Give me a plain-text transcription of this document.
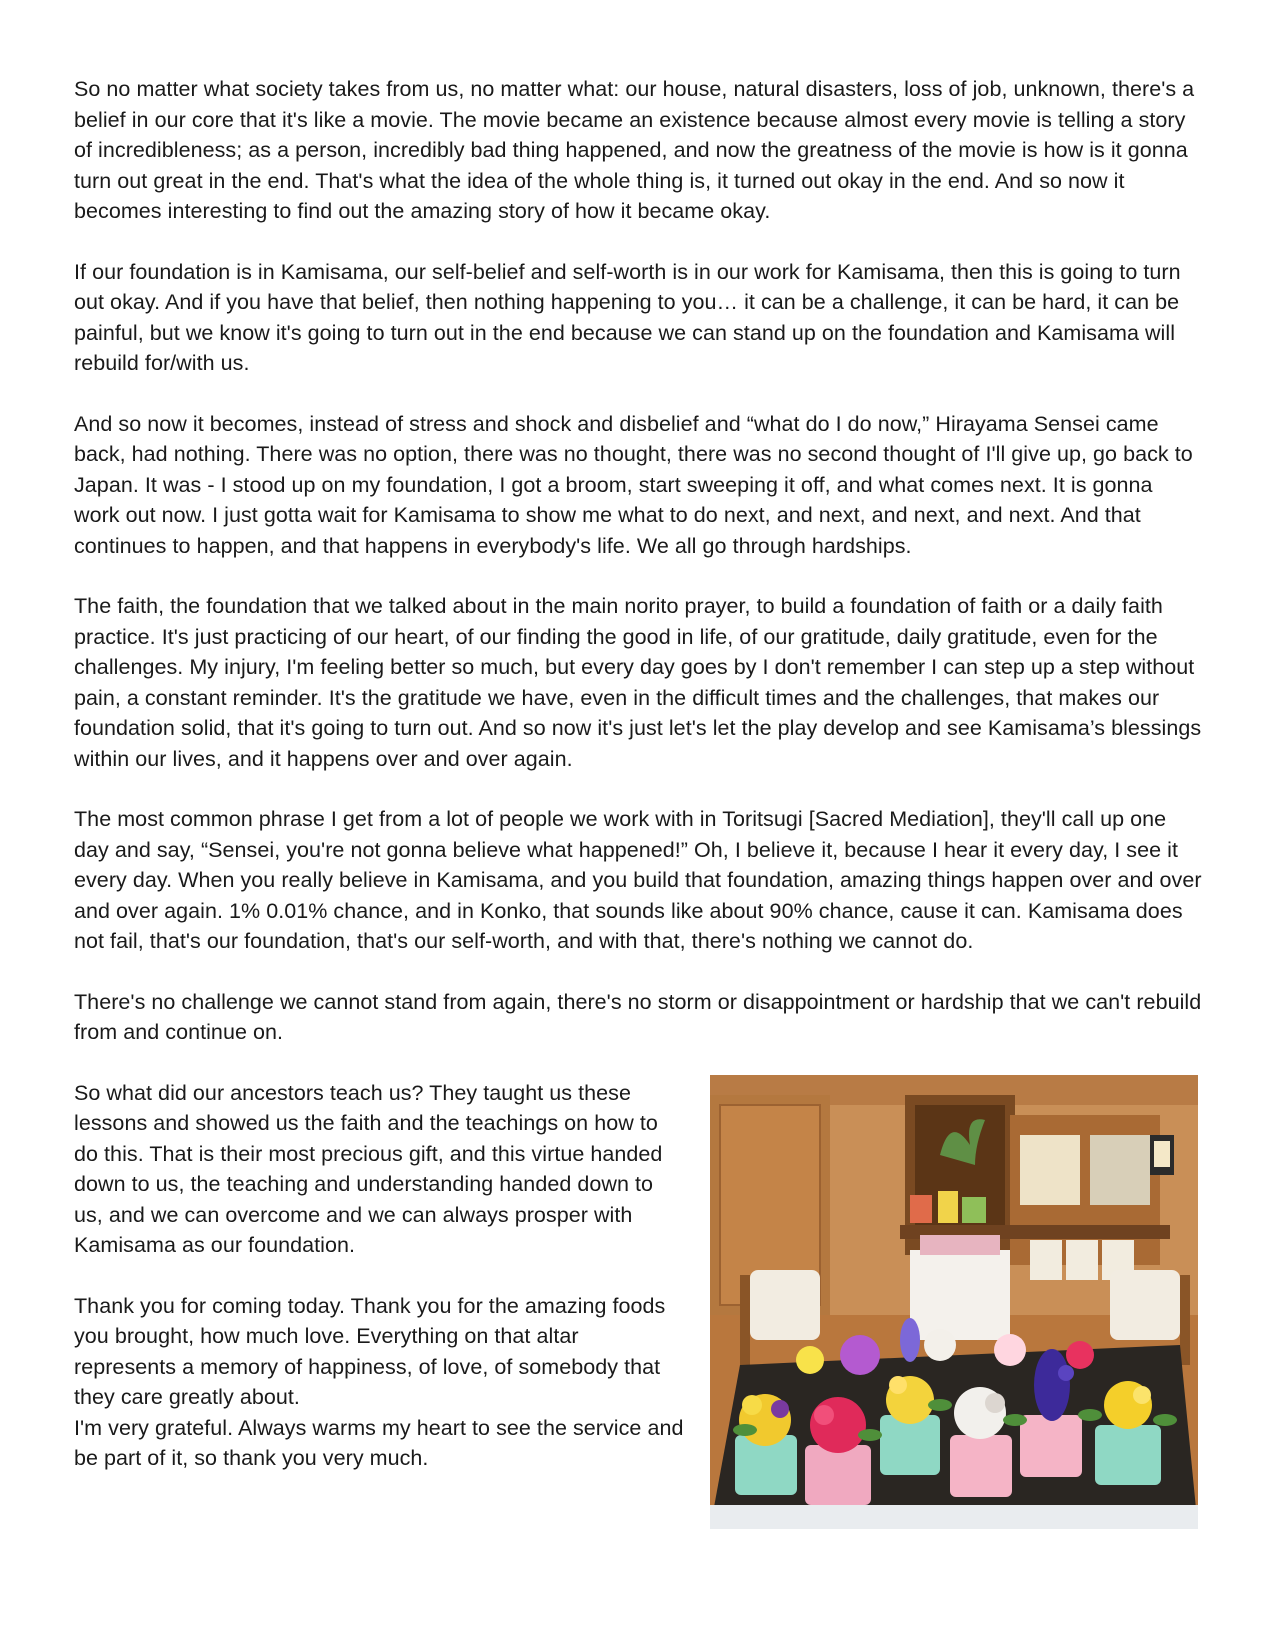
So no matter what society takes from us, no matter what: our house, natural disasters, loss of job, unknown, there's a belief in our core that it's like a movie. The movie became an existence because almost every movie is telling a story of incredibleness; as a person, incredibly bad thing happened, and now the greatness of the movie is how is it gonna turn out great in the end. That's what the idea of the whole thing is, it turned out okay in the end. And so now it becomes interesting to find out the amazing story of how it became okay.

If our foundation is in Kamisama, our self-belief and self-worth is in our work for Kamisama, then this is going to turn out okay. And if you have that belief, then nothing happening to you… it can be a challenge, it can be hard, it can be painful, but we know it's going to turn out in the end because we can stand up on the foundation and Kamisama will rebuild for/with us.

And so now it becomes, instead of stress and shock and disbelief and “what do I do now,” Hirayama Sensei came back, had nothing. There was no option, there was no thought, there was no second thought of I'll give up, go back to Japan. It was - I stood up on my foundation, I got a broom, start sweeping it off, and what comes next. It is gonna work out now. I just gotta wait for Kamisama to show me what to do next, and next, and next, and next. And that continues to happen, and that happens in everybody's life. We all go through hardships.

The faith, the foundation that we talked about in the main norito prayer, to build a foundation of faith or a daily faith practice. It's just practicing of our heart, of our finding the good in life, of our gratitude, daily gratitude, even for the challenges. My injury, I'm feeling better so much, but every day goes by I don't remember I can step up a step without pain, a constant reminder. It's the gratitude we have, even in the difficult times and the challenges, that makes our foundation solid, that it's going to turn out. And so now it's just let's let the play develop and see Kamisama’s blessings within our lives, and it happens over and over again.

The most common phrase I get from a lot of people we work with in Toritsugi [Sacred Mediation], they'll call up one day and say, “Sensei, you're not gonna believe what happened!” Oh, I believe it, because I hear it every day, I see it every day. When you really believe in Kamisama, and you build that foundation, amazing things happen over and over and over again. 1% 0.01% chance, and in Konko, that sounds like about 90% chance, cause it can. Kamisama does not fail, that's our foundation, that's our self-worth, and with that, there's nothing we cannot do.

There's no challenge we cannot stand from again, there's no storm or disappointment or hardship that we can't rebuild from and continue on.

So what did our ancestors teach us? They taught us these lessons and showed us the faith and the teachings on how to do this. That is their most precious gift, and this virtue handed down to us, the teaching and understanding handed down to us, and we can overcome and we can always prosper with Kamisama as our foundation.

Thank you for coming today. Thank you for the amazing foods you brought, how much love. Everything on that altar represents a memory of happiness, of love, of somebody that they care greatly about.

I'm very grateful. Always warms my heart to see the service and be part of it, so thank you very much.
